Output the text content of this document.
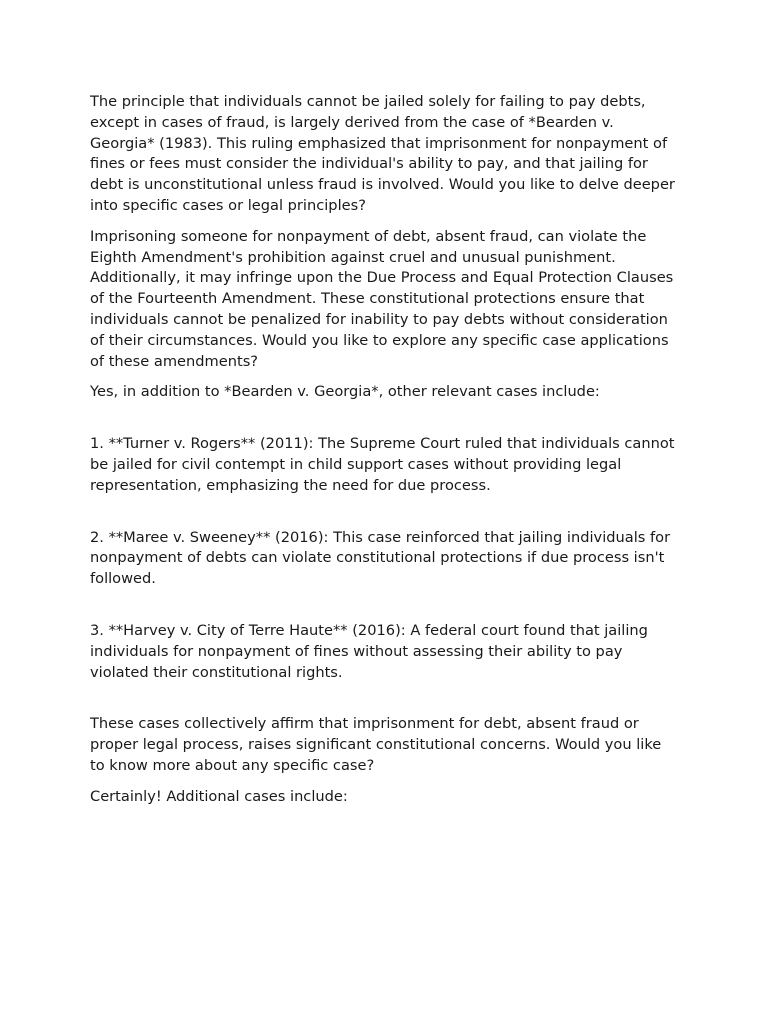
The principle that individuals cannot be jailed solely for failing to pay debts, except in cases of fraud, is largely derived from the case of *Bearden v. Georgia* (1983). This ruling emphasized that imprisonment for nonpayment of fines or fees must consider the individual's ability to pay, and that jailing for debt is unconstitutional unless fraud is involved. Would you like to delve deeper into specific cases or legal principles?

Imprisoning someone for nonpayment of debt, absent fraud, can violate the Eighth Amendment's prohibition against cruel and unusual punishment. Additionally, it may infringe upon the Due Process and Equal Protection Clauses of the Fourteenth Amendment. These constitutional protections ensure that individuals cannot be penalized for inability to pay debts without consideration of their circumstances. Would you like to explore any specific case applications of these amendments?

Yes, in addition to *Bearden v. Georgia*, other relevant cases include:

1. **Turner v. Rogers** (2011): The Supreme Court ruled that individuals cannot be jailed for civil contempt in child support cases without providing legal representation, emphasizing the need for due process.

2. **Maree v. Sweeney** (2016): This case reinforced that jailing individuals for nonpayment of debts can violate constitutional protections if due process isn't followed.

3. **Harvey v. City of Terre Haute** (2016): A federal court found that jailing individuals for nonpayment of fines without assessing their ability to pay violated their constitutional rights.

These cases collectively affirm that imprisonment for debt, absent fraud or proper legal process, raises significant constitutional concerns. Would you like to know more about any specific case?

Certainly! Additional cases include:
